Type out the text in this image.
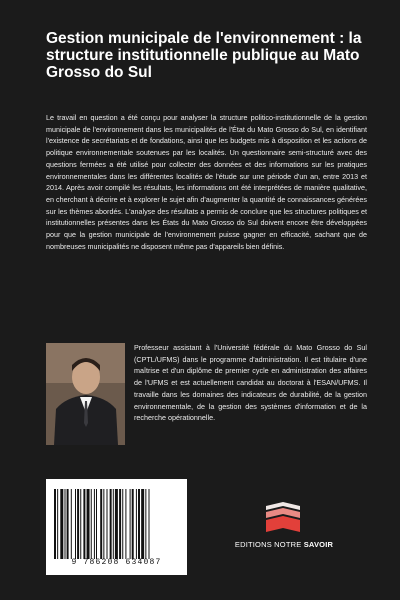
Gestion municipale de l'environnement : la structure institutionnelle publique au Mato Grosso do Sul

Le travail en question a été conçu pour analyser la structure politico-institutionnelle de la gestion municipale de l'environnement dans les municipalités de l'État du Mato Grosso do Sul, en identifiant l'existence de secrétariats et de fondations, ainsi que les budgets mis à disposition et les actions de politique environnementale soutenues par les localités. Un questionnaire semi-structuré avec des questions fermées a été utilisé pour collecter des données et des informations sur les pratiques environnementales dans les différentes localités de l'étude sur une période d'un an, entre 2013 et 2014. Après avoir compilé les résultats, les informations ont été interprétées de manière qualitative, en cherchant à décrire et à explorer le sujet afin d'augmenter la quantité de connaissances générées sur les thèmes abordés. L'analyse des résultats a permis de conclure que les structures politiques et institutionnelles présentes dans les États du Mato Grosso do Sul doivent encore être développées pour que la gestion municipale de l'environnement puisse gagner en efficacité, sachant que de nombreuses municipalités ne disposent même pas d'appareils bien définis.

Professeur assistant à l'Université fédérale du Mato Grosso do Sul (CPTL/UFMS) dans le programme d'administration. Il est titulaire d'une maîtrise et d'un diplôme de premier cycle en administration des affaires de l'UFMS et est actuellement candidat au doctorat à l'ESAN/UFMS. Il travaille dans les domaines des indicateurs de durabilité, de la gestion environnementale, de la gestion des systèmes d'information et de la recherche opérationnelle.

9 786208 634087
EDITIONS NOTRE SAVOIR
